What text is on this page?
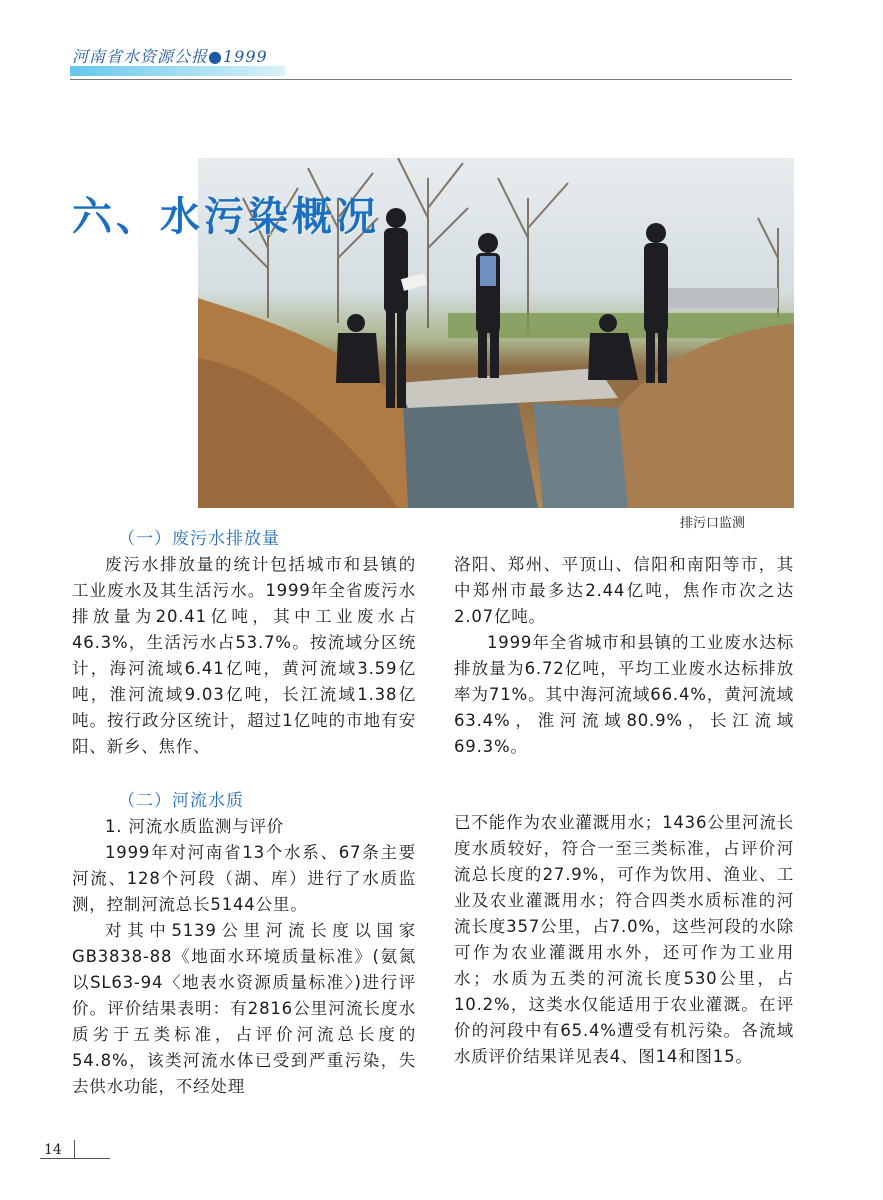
河南省水资源公报●1999
六、水污染概况
排污口监测
（一）废污水排放量

废污水排放量的统计包括城市和县镇的工业废水及其生活污水。1999年全省废污水排放量为20.41亿吨，其中工业废水占46.3%，生活污水占53.7%。按流域分区统计，海河流域6.41亿吨，黄河流域3.59亿吨，淮河流域9.03亿吨，长江流域1.38亿吨。按行政分区统计，超过1亿吨的市地有安阳、新乡、焦作、

洛阳、郑州、平顶山、信阳和南阳等市，其中郑州市最多达2.44亿吨，焦作市次之达2.07亿吨。

1999年全省城市和县镇的工业废水达标排放量为6.72亿吨，平均工业废水达标排放率为71%。其中海河流域66.4%，黄河流域63.4%，淮河流域80.9%，长江流域69.3%。

（二）河流水质

1. 河流水质监测与评价

1999年对河南省13个水系、67条主要河流、128个河段（湖、库）进行了水质监测，控制河流总长5144公里。

对其中5139公里河流长度以国家GB3838-88《地面水环境质量标准》(氨氮以SL63-94〈地表水资源质量标准〉)进行评价。评价结果表明：有2816公里河流长度水质劣于五类标准，占评价河流总长度的54.8%，该类河流水体已受到严重污染，失去供水功能，不经处理

已不能作为农业灌溉用水；1436公里河流长度水质较好，符合一至三类标准，占评价河流总长度的27.9%，可作为饮用、渔业、工业及农业灌溉用水；符合四类水质标准的河流长度357公里，占7.0%，这些河段的水除可作为农业灌溉用水外，还可作为工业用水；水质为五类的河流长度530公里，占10.2%，这类水仅能适用于农业灌溉。在评价的河段中有65.4%遭受有机污染。各流域水质评价结果详见表4、图14和图15。

14
